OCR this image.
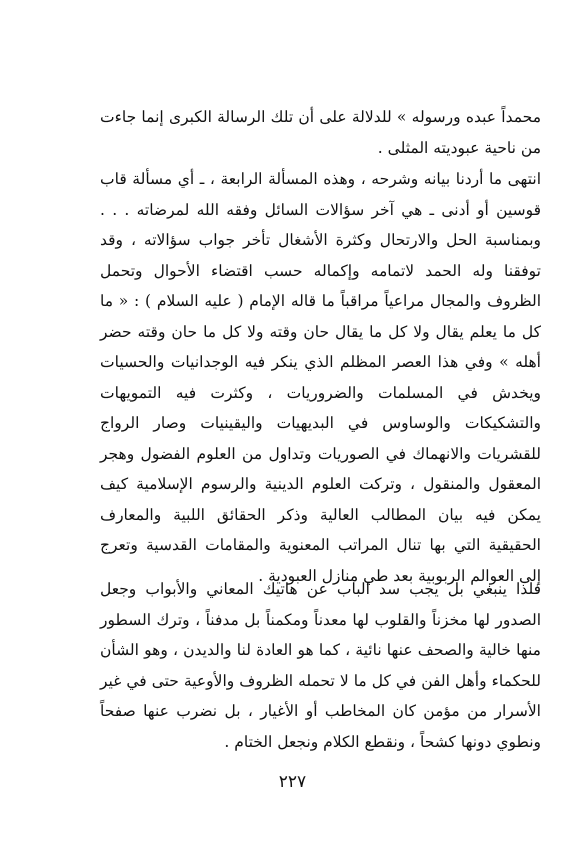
محمداً عبده ورسوله » للدلالة على أن تلك الرسالة الكبرى إنما جاءت من ناحية عبوديته المثلى .

انتهى ما أردنا بيانه وشرحه ، وهذه المسألة الرابعة ، ـ أي مسألة قاب قوسين أو أدنى ـ هي آخر سؤالات السائل وفقه الله لمرضاته . . . وبمناسبة الحل والارتحال وكثرة الأشغال تأخر جواب سؤالاته ، وقد توفقنا وله الحمد لاتمامه وإكماله حسب اقتضاء الأحوال وتحمل الظروف والمجال مراعياً مراقباً ما قاله الإمام ( عليه السلام ) : « ما كل ما يعلم يقال ولا كل ما يقال حان وقته ولا كل ما حان وقته حضر أهله » وفي هذا العصر المظلم الذي ينكر فيه الوجدانيات والحسيات ويخدش في المسلمات والضروريات ، وكثرت فيه التمويهات والتشكيكات والوساوس في البديهيات واليقينيات وصار الرواج للقشريات والانهماك في الصوريات وتداول من العلوم الفضول وهجر المعقول والمنقول ، وتركت العلوم الدينية والرسوم الإسلامية كيف يمكن فيه بيان المطالب العالية وذكر الحقائق اللبية والمعارف الحقيقية التي بها تنال المراتب المعنوية والمقامات القدسية وتعرج إلى العوالم الربوبية بعد طي منازل العبودية .

فلذا ينبغي بل يجب سد الباب عن هاتيك المعاني والأبواب وجعل الصدور لها مخزناً والقلوب لها معدناً ومكمناً بل مدفناً ، وترك السطور منها خالية والصحف عنها نائية ، كما هو العادة لنا والديدن ، وهو الشأن للحكماء وأهل الفن في كل ما لا تحمله الظروف والأوعية حتى في غير الأسرار من مؤمن كان المخاطب أو الأغيار ، بل نضرب عنها صفحاً ونطوي دونها كشحاً ، ونقطع الكلام ونجعل الختام .

٢٢٧
